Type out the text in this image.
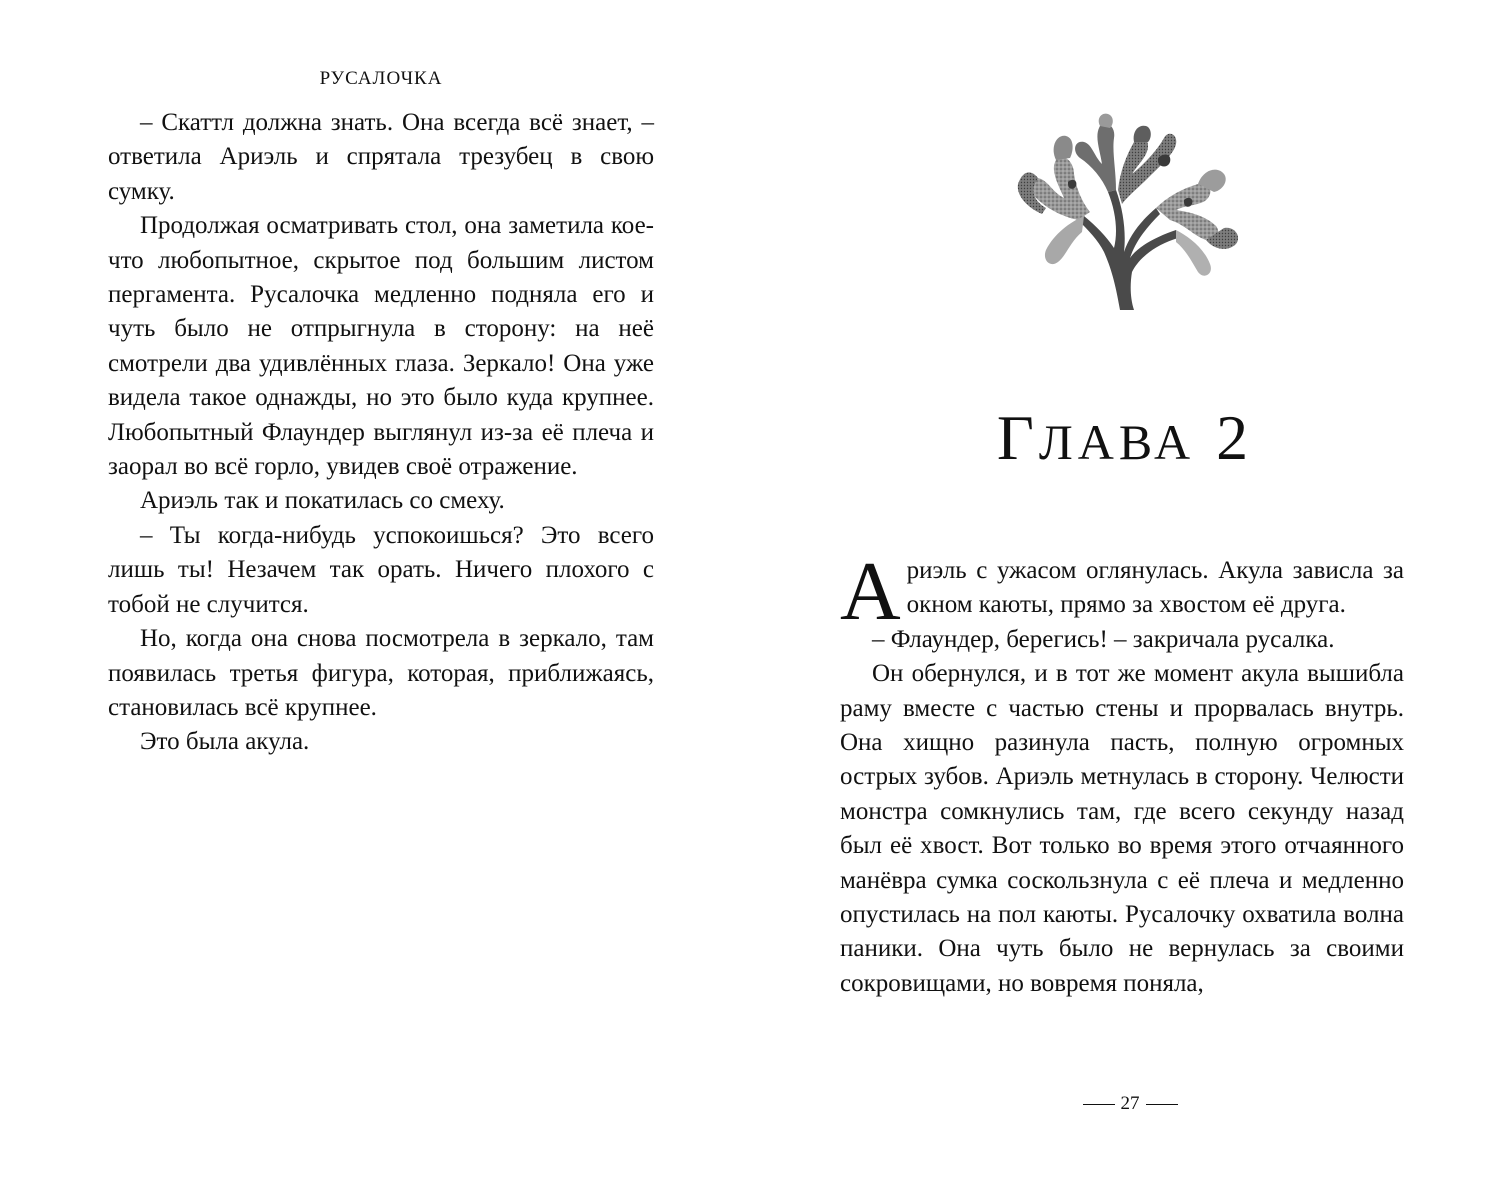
РУСАЛОЧКА

– Скаттл должна знать. Она всегда всё знает, – ответила Ариэль и спрятала трезубец в свою сумку.

Продолжая осматривать стол, она заметила кое-что любопытное, скрытое под большим листом пергамента. Русалочка медленно подняла его и чуть было не отпрыгнула в сторону: на неё смотрели два удивлённых глаза. Зеркало! Она уже видела такое однажды, но это было куда крупнее. Любопытный Флаундер выглянул из-за её плеча и заорал во всё горло, увидев своё отражение.

Ариэль так и покатилась со смеху.

– Ты когда-нибудь успокоишься? Это всего лишь ты! Незачем так орать. Ничего плохого с тобой не случится.

Но, когда она снова посмотрела в зеркало, там появилась третья фигура, которая, приближаясь, становилась всё крупнее.

Это была акула.

ГЛАВА 2

Ариэль с ужасом оглянулась. Акула зависла за окном каюты, прямо за хвостом её друга.

– Флаундер, берегись! – закричала русалка.

Он обернулся, и в тот же момент акула вышибла раму вместе с частью стены и прорвалась внутрь. Она хищно разинула пасть, полную огромных острых зубов. Ариэль метнулась в сторону. Челюсти монстра сомкнулись там, где всего секунду назад был её хвост. Вот только во время этого отчаянного манёвра сумка соскользнула с её плеча и медленно опустилась на пол каюты. Русалочку охватила волна паники. Она чуть было не вернулась за своими сокровищами, но вовремя поняла,

27
